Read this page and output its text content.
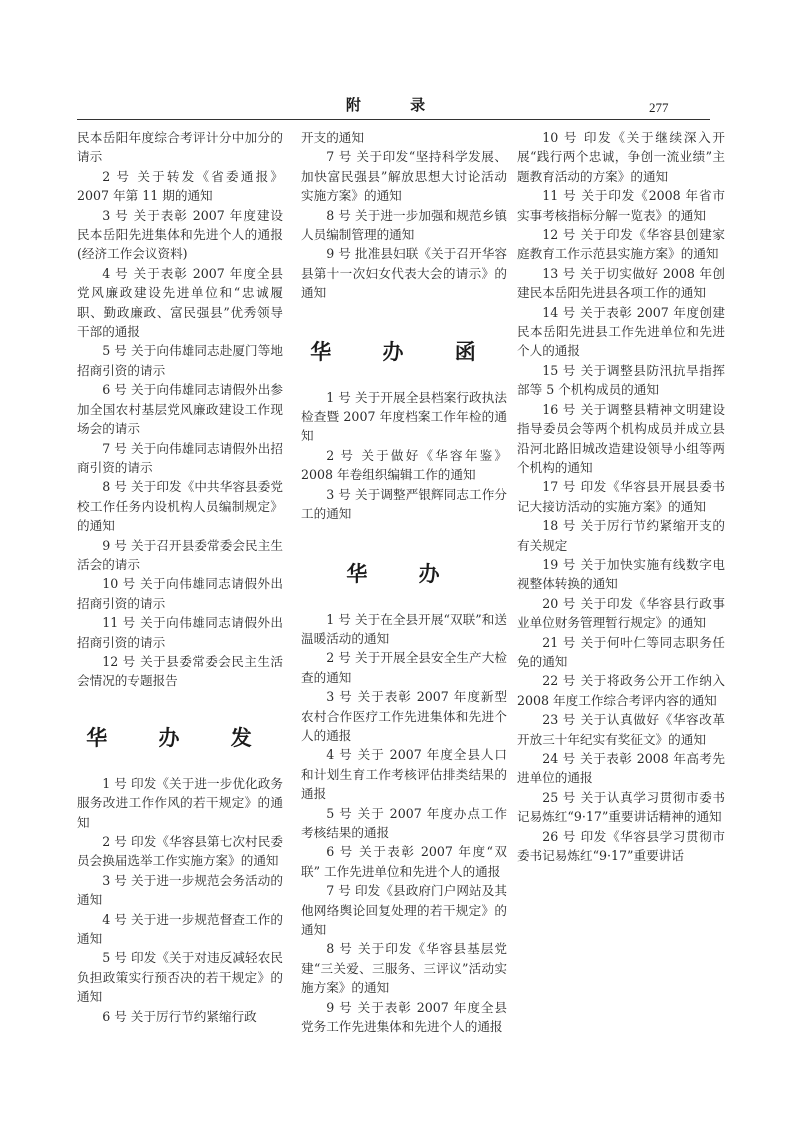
附 录	277

民本岳阳年度综合考评计分中加分的请示

2 号 关于转发《省委通报》2007 年第 11 期的通知

3 号 关于表彰 2007 年度建设民本岳阳先进集体和先进个人的通报(经济工作会议资料)

4 号 关于表彰 2007 年度全县党风廉政建设先进单位和“忠诚履职、勤政廉政、富民强县”优秀领导干部的通报

5 号 关于向伟雄同志赴厦门等地招商引资的请示

6 号 关于向伟雄同志请假外出参加全国农村基层党风廉政建设工作现场会的请示

7 号 关于向伟雄同志请假外出招商引资的请示

8 号 关于印发《中共华容县委党校工作任务内设机构人员编制规定》的通知

9 号 关于召开县委常委会民主生活会的请示

10 号 关于向伟雄同志请假外出招商引资的请示

11 号 关于向伟雄同志请假外出招商引资的请示

12 号 关于县委常委会民主生活会情况的专题报告

华 办 发

1 号 印发《关于进一步优化政务服务改进工作作风的若干规定》的通知

2 号 印发《华容县第七次村民委员会换届选举工作实施方案》的通知

3 号 关于进一步规范会务活动的通知

4 号 关于进一步规范督查工作的通知

5 号 印发《关于对违反减轻农民负担政策实行预否决的若干规定》的通知

6 号 关于厉行节约紧缩行政

开支的通知

7 号 关于印发“坚持科学发展、加快富民强县”解放思想大讨论活动实施方案》的通知

8 号 关于进一步加强和规范乡镇人员编制管理的通知

9 号 批准县妇联《关于召开华容县第十一次妇女代表大会的请示》的通知

华 办 函

1 号 关于开展全县档案行政执法检查暨 2007 年度档案工作年检的通知

2 号 关于做好《华容年鉴》2008 年卷组织编辑工作的通知

3 号 关于调整严银辉同志工作分工的通知

华 办

1 号 关于在全县开展“双联”和送温暖活动的通知

2 号 关于开展全县安全生产大检查的通知

3 号 关于表彰 2007 年度新型农村合作医疗工作先进集体和先进个人的通报

4 号 关于 2007 年度全县人口和计划生育工作考核评估排类结果的通报

5 号 关于 2007 年度办点工作考核结果的通报

6 号 关于表彰 2007 年度“双联” 工作先进单位和先进个人的通报

7 号 印发《县政府门户网站及其他网络舆论回复处理的若干规定》的通知

8 号 关于印发《华容县基层党建“三关爱、三服务、三评议”活动实施方案》的通知

9 号 关于表彰 2007 年度全县党务工作先进集体和先进个人的通报

10 号 印发《关于继续深入开展“践行两个忠诚，争创一流业绩”主题教育活动的方案》的通知

11 号 关于印发《2008 年省市实事考核指标分解一览表》的通知

12 号 关于印发《华容县创建家庭教育工作示范县实施方案》的通知

13 号 关于切实做好 2008 年创建民本岳阳先进县各项工作的通知

14 号 关于表彰 2007 年度创建民本岳阳先进县工作先进单位和先进个人的通报

15 号 关于调整县防汛抗旱指挥部等 5 个机构成员的通知

16 号 关于调整县精神文明建设指导委员会等两个机构成员并成立县沿河北路旧城改造建设领导小组等两个机构的通知

17 号 印发《华容县开展县委书记大接访活动的实施方案》的通知

18 号 关于厉行节约紧缩开支的有关规定

19 号 关于加快实施有线数字电视整体转换的通知

20 号 关于印发《华容县行政事业单位财务管理暂行规定》的通知

21 号 关于何叶仁等同志职务任免的通知

22 号 关于将政务公开工作纳入 2008 年度工作综合考评内容的通知

23 号 关于认真做好《华容改革开放三十年纪实有奖征文》的通知

24 号 关于表彰 2008 年高考先进单位的通报

25 号 关于认真学习贯彻市委书记易炼红“9·17”重要讲话精神的通知

26 号 印发《华容县学习贯彻市委书记易炼红“9·17”重要讲话
